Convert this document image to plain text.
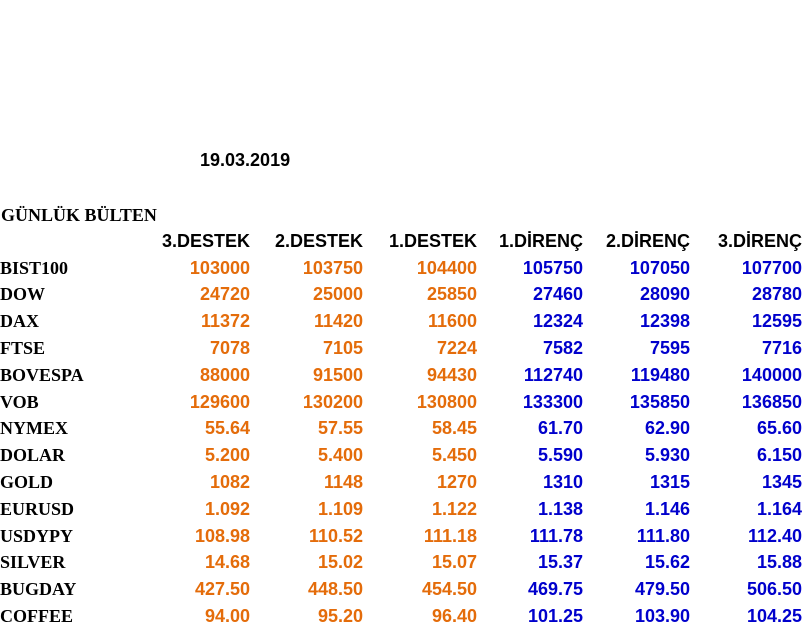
19.03.2019
GÜNLÜK BÜLTEN
	3.DESTEK	2.DESTEK	1.DESTEK	1.DİRENÇ	2.DİRENÇ	3.DİRENÇ
BIST100	103000	103750	104400	105750	107050	107700
DOW	24720	25000	25850	27460	28090	28780
DAX	11372	11420	11600	12324	12398	12595
FTSE	7078	7105	7224	7582	7595	7716
BOVESPA	88000	91500	94430	112740	119480	140000
VOB	129600	130200	130800	133300	135850	136850
NYMEX	55.64	57.55	58.45	61.70	62.90	65.60
DOLAR	5.200	5.400	5.450	5.590	5.930	6.150
GOLD	1082	1148	1270	1310	1315	1345
EURUSD	1.092	1.109	1.122	1.138	1.146	1.164
USDYPY	108.98	110.52	111.18	111.78	111.80	112.40
SILVER	14.68	15.02	15.07	15.37	15.62	15.88
BUGDAY	427.50	448.50	454.50	469.75	479.50	506.50
COFFEE	94.00	95.20	96.40	101.25	103.90	104.25
